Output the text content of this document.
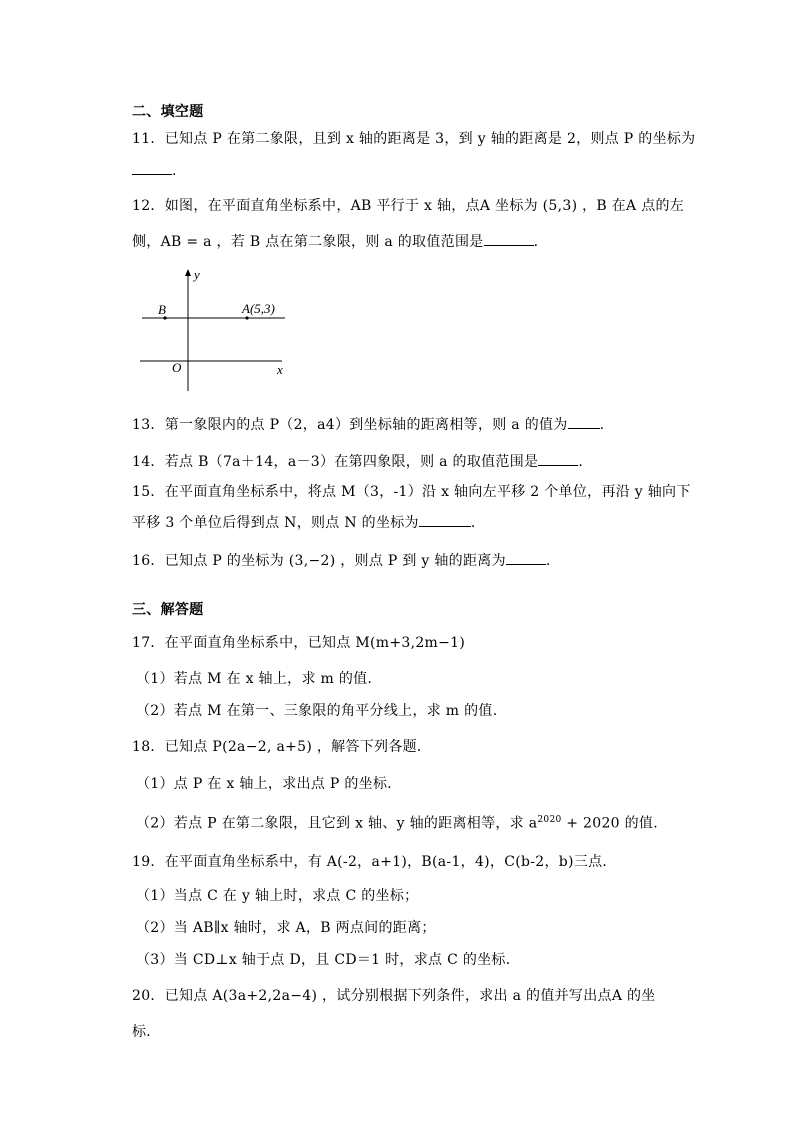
二、填空题
11．已知点 P 在第二象限，且到 x 轴的距离是 3，到 y 轴的距离是 2，则点 P 的坐标为
.
12．如图，在平面直角坐标系中，AB 平行于 x 轴，点A 坐标为 (5,3) ，B 在A 点的左
侧，AB = a ，若 B 点在第二象限，则 a 的取值范围是	.
y
x
O
B	A(5,3)
13．第一象限内的点 P（2，a4）到坐标轴的距离相等，则 a 的值为 .
14．若点 B（7a＋14，a－3）在第四象限，则 a 的取值范围是	.
15．在平面直角坐标系中，将点 M（3，-1）沿 x 轴向左平移 2 个单位，再沿 y 轴向下
平移 3 个单位后得到点 N，则点 N 的坐标为	.
16．已知点 P 的坐标为 (3,−2) ，则点 P 到 y 轴的距离为	.
三、解答题
17．在平面直角坐标系中，已知点 M(m+3,2m−1)
（1）若点 M 在 x 轴上，求 m 的值.
（2）若点 M 在第一、三象限的角平分线上，求 m 的值.
18．已知点 P(2a−2, a+5) ，解答下列各题．
（1）点 P 在 x 轴上，求出点 P 的坐标．
（2）若点 P 在第二象限，且它到 x 轴、y 轴的距离相等，求 $a^{2020} + 2020$ 的值．
19．在平面直角坐标系中，有 A(-2，a+1)，B(a-1，4)，C(b-2，b)三点．
（1）当点 C 在 y 轴上时，求点 C 的坐标；
（2）当 AB∥x 轴时，求 A，B 两点间的距离；
（3）当 CD⊥x 轴于点 D，且 CD＝1 时，求点 C 的坐标．
20．已知点 A(3a+2,2a−4) ，试分别根据下列条件，求出 a 的值并写出点A 的坐
标．
